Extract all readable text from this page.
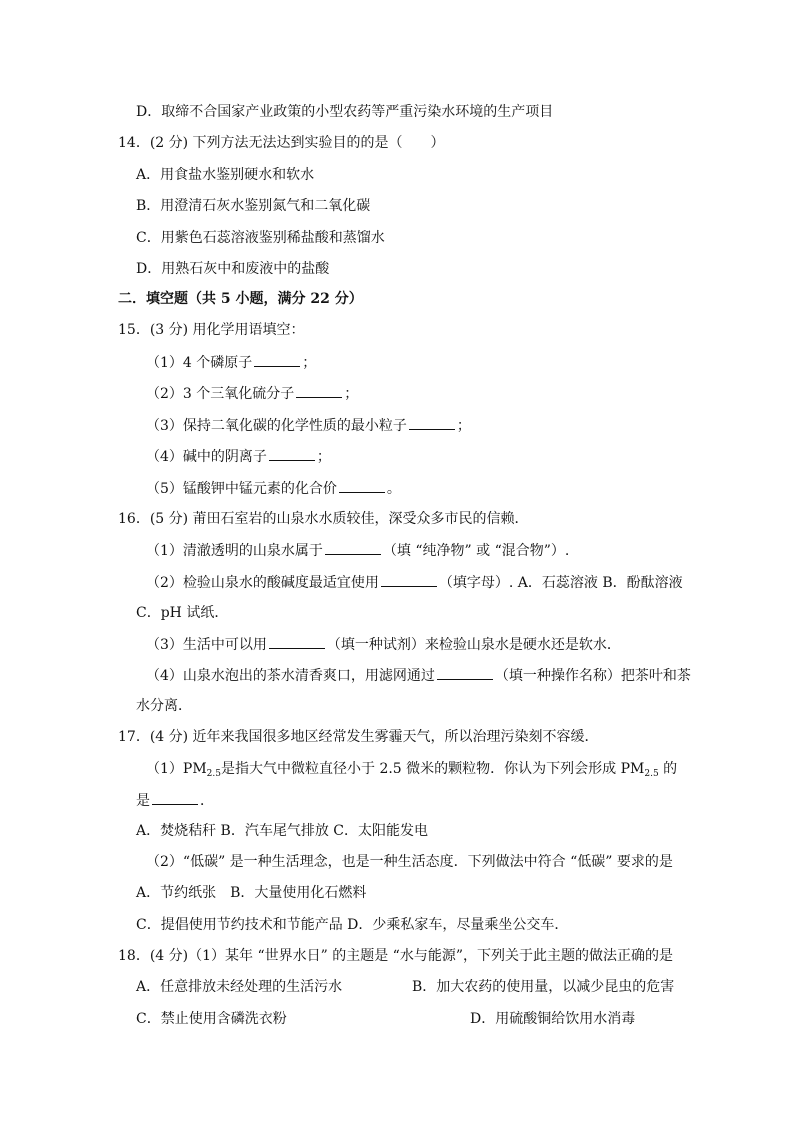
D．取缔不合国家产业政策的小型农药等严重污染水环境的生产项目
14．(2 分) 下列方法无法达到实验目的的是（　　）
A．用食盐水鉴别硬水和软水
B．用澄清石灰水鉴别氮气和二氧化碳
C．用紫色石蕊溶液鉴别稀盐酸和蒸馏水
D．用熟石灰中和废液中的盐酸
二．填空题（共 5 小题，满分 22 分）
15．(3 分) 用化学用语填空：
（1）4 个磷原子	；
（2）3 个三氧化硫分子	；
（3）保持二氧化碳的化学性质的最小粒子	；
（4）碱中的阴离子	；
（5）锰酸钾中锰元素的化合价	。
16．(5 分) 莆田石室岩的山泉水水质较佳，深受众多市民的信赖．
（1）清澈透明的山泉水属于	（填 “纯净物” 或 “混合物”）.
（2）检验山泉水的酸碱度最适宜使用	（填字母）. A．石蕊溶液 B．酚酞溶液
C．pH 试纸．
（3）生活中可以用	（填一种试剂）来检验山泉水是硬水还是软水．
（4）山泉水泡出的茶水清香爽口，用滤网通过	（填一种操作名称）把茶叶和茶
水分离．
17．(4 分) 近年来我国很多地区经常发生雾霾天气，所以治理污染刻不容缓．
$(1)PM_{2.5}$是指大气中微粒直径小于 2.5 微米的颗粒物．你认为下列会形成 $PM_{2.5}$ 的
是	．
A．焚烧秸秆 B．汽车尾气排放 C．太阳能发电
（2）“低碳” 是一种生活理念，也是一种生活态度．下列做法中符合 “低碳” 要求的是
A．节约纸张　B．大量使用化石燃料
C．提倡使用节约技术和节能产品 D．少乘私家车，尽量乘坐公交车．
18．(4 分)（1）某年 “世界水日” 的主题是 “水与能源”，下列关于此主题的做法正确的是
A．任意排放未经处理的生活污水	B．加大农药的使用量，以减少昆虫的危害
C．禁止使用含磷洗衣粉	D．用硫酸铜给饮用水消毒
